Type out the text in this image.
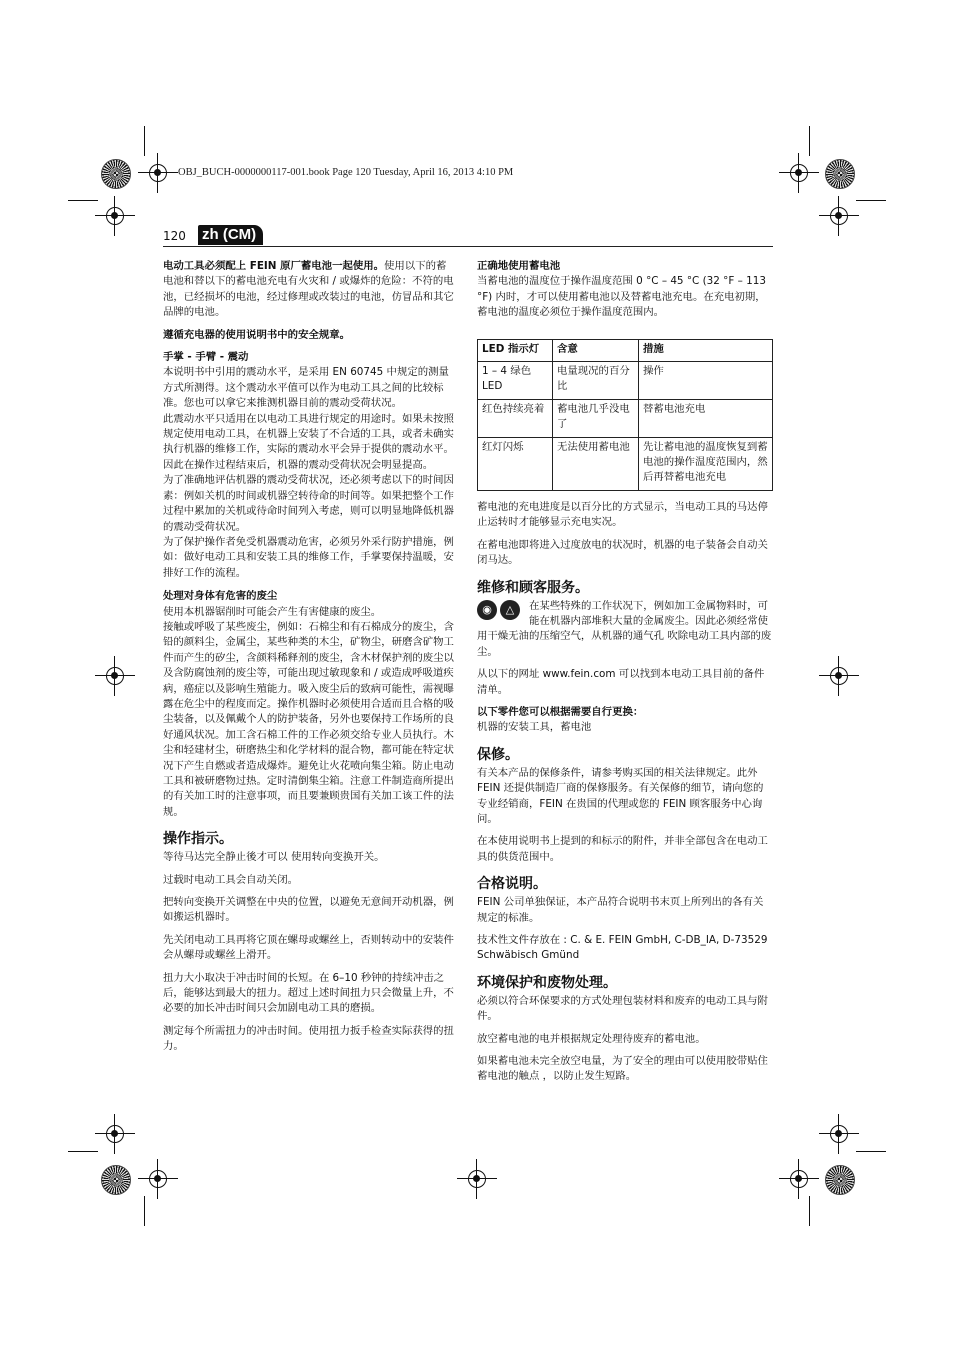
OBJ_BUCH-0000000117-001.book Page 120 Tuesday, April 16, 2013 4:10 PM
120 zh (CM)

电动工具必须配上 FEIN 原厂蓄电池一起使用。使用以下的蓄电池和替以下的蓄电池充电有火灾和 / 或爆炸的危险：不符的电池，已经损坏的电池，经过修理或改装过的电池，仿冒品和其它品牌的电池。

遵循充电器的使用说明书中的安全规章。

手掌 - 手臂 - 震动

本说明书中引用的震动水平，是采用 EN 60745 中规定的测量方式所测得。这个震动水平值可以作为电动工具之间的比较标准。您也可以拿它来推测机器目前的震动受荷状况。

此震动水平只适用在以电动工具进行规定的用途时。如果未按照规定使用电动工具，在机器上安装了不合适的工具，或者未确实执行机器的维修工作，实际的震动水平会异于提供的震动水平。因此在操作过程结束后，机器的震动受荷状况会明显提高。

为了准确地评估机器的震动受荷状况，还必须考虑以下的时间因素：例如关机的时间或机器空转待命的时间等。如果把整个工作过程中累加的关机或待命时间列入考虑，则可以明显地降低机器的震动受荷状况。

为了保护操作者免受机器震动危害，必须另外采行防护措施，例如：做好电动工具和安装工具的维修工作，手掌要保持温暖，安排好工作的流程。

处理对身体有危害的废尘

使用本机器锯削时可能会产生有害健康的废尘。

接触或呼吸了某些废尘，例如：石棉尘和有石棉成分的废尘，含铅的颜料尘，金属尘，某些种类的木尘，矿物尘，研磨含矿物工件而产生的矽尘，含颜料稀释剂的废尘，含木材保护剂的废尘以及含防腐蚀剂的废尘等，可能出现过敏现象和 / 或造成呼吸道疾病，癌症以及影响生殖能力。吸入废尘后的致病可能性，需视曝露在危尘中的程度而定。操作机器时必须使用合适而且合格的吸尘装备，以及佩戴个人的防护装备，另外也要保持工作场所的良好通风状况。加工含石棉工件的工作必须交给专业人员执行。木尘和轻建材尘，研磨热尘和化学材料的混合物，都可能在特定状况下产生自燃或者造成爆炸。避免让火花喷向集尘箱。防止电动工具和被研磨物过热。定时清倒集尘箱。注意工件制造商所提出的有关加工时的注意事项，而且要兼顾贵国有关加工该工件的法规。

操作指示。

等待马达完全静止後才可以 使用转向变换开关。

过载时电动工具会自动关闭。

把转向变换开关调整在中央的位置，以避免无意间开动机器，例如搬运机器时。

先关闭电动工具再将它顶在螺母或螺丝上，否则转动中的安装件会从螺母或螺丝上滑开。

扭力大小取决于冲击时间的长短。在 6–10 秒钟的持续冲击之后，能够达到最大的扭力。超过上述时间扭力只会微量上升，不必要的加长冲击时间只会加剧电动工具的磨损。

测定每个所需扭力的冲击时间。使用扭力扳手检查实际获得的扭力。

正确地使用蓄电池

当蓄电池的温度位于操作温度范围 0 °C – 45 °C (32 °F – 113 °F) 内时，才可以使用蓄电池以及替蓄电池充电。在充电初期，蓄电池的温度必须位于操作温度范围内。

LED 指示灯	含意	措施
1 – 4 绿色 LED	电量现况的百分比	操作
红色持续亮着	蓄电池几乎没电了	替蓄电池充电
红灯闪烁	无法使用蓄电池	先让蓄电池的温度恢复到蓄电池的操作温度范围内，然后再替蓄电池充电

蓄电池的充电进度是以百分比的方式显示，当电动工具的马达停止运转时才能够显示充电实况。

在蓄电池即将进入过度放电的状况时，机器的电子装备会自动关闭马达。

维修和顾客服务。

◉ △	在某些特殊的工作状况下，例如加工金属物料时，可能在机器内部堆积大量的金属废尘。因此必须经常使用干燥无油的压缩空气，从机器的通气孔 吹除电动工具内部的废尘。

从以下的网址 www.fein.com 可以找到本电动工具目前的备件清单。

以下零件您可以根据需要自行更换：

机器的安装工具，蓄电池

保修。

有关本产品的保修条件，请参考购买国的相关法律规定。此外 FEIN 还提供制造厂商的保修服务。有关保修的细节，请向您的专业经销商，FEIN 在贵国的代理或您的 FEIN 顾客服务中心询问。

在本使用说明书上提到的和标示的附件，并非全部包含在电动工具的供货范围中。

合格说明。

FEIN 公司单独保证，本产品符合说明书末页上所列出的各有关规定的标准。

技术性文件存放在 : C. & E. FEIN GmbH, C-DB_IA, D-73529 Schwäbisch Gmünd

环境保护和废物处理。

必须以符合环保要求的方式处理包装材料和废弃的电动工具与附件。

放空蓄电池的电并根据规定处理待废弃的蓄电池。

如果蓄电池未完全放空电量，为了安全的理由可以使用胶带贴住蓄电池的触点 ，以防止发生短路。
